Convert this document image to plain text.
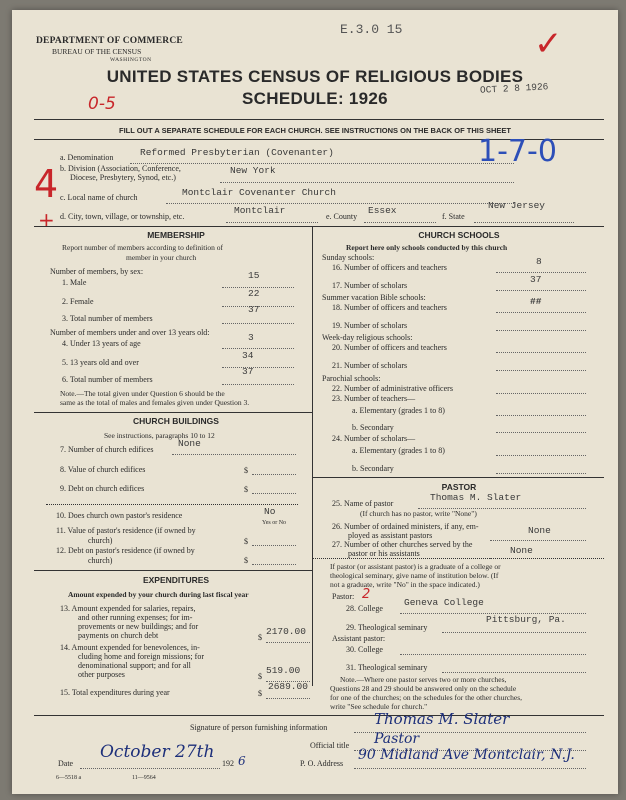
DEPARTMENT OF COMMERCE
BUREAU OF THE CENSUS
WASHINGTON
E.3.0 15	✓
UNITED STATES CENSUS OF RELIGIOUS BODIES
SCHEDULE: 1926
OCT 2 8 1926
0-5
FILL OUT A SEPARATE SCHEDULE FOR EACH CHURCH. SEE INSTRUCTIONS ON THE BACK OF THIS SHEET
1-7-0
4
+
a. Denomination	Reformed Presbyterian (Covenanter)
b. Division (Association, Conference,
Diocese, Presbytery, Synod, etc.)
New York
c. Local name of church	Montclair Covenanter Church
d. City, town, village, or township, etc.
Montclair
e. County
Essex
f. State
New Jersey
MEMBERSHIP
Report number of members according to definition of
member in your church
Number of members, by sex:
1. Male
15
2. Female
22
3. Total number of members
37
Number of members under and over 13 years old:
4. Under 13 years of age
3
5. 13 years old and over
34
6. Total number of members
37
Note.—The total given under Question 6 should be the
same as the total of males and females given under Question 3.
CHURCH BUILDINGS
See instructions, paragraphs 10 to 12
7. Number of church edifices
None
8. Value of church edifices	$
9. Debt on church edifices	$
10. Does church own pastor's residence	No
Yes or No
11. Value of pastor's residence (if owned by
church)	$
12. Debt on pastor's residence (if owned by
church)	$
EXPENDITURES
Amount expended by your church during last fiscal year
13. Amount expended for salaries, repairs,
and other running expenses; for im-
provements or new buildings; and for
payments on church debt	$
2170.00
14. Amount expended for benevolences, in-
cluding home and foreign missions; for
denominational support; and for all
other purposes	$
519.00
15. Total expenditures during year	$
2689.00
CHURCH SCHOOLS
Report here only schools conducted by this church
Sunday schools:
16. Number of officers and teachers
8
17. Number of scholars
37
Summer vacation Bible schools:
18. Number of officers and teachers
##
19. Number of scholars
Week-day religious schools:
20. Number of officers and teachers
21. Number of scholars
Parochial schools:
22. Number of administrative officers
23. Number of teachers—
a. Elementary (grades 1 to 8)
b. Secondary
24. Number of scholars—
a. Elementary (grades 1 to 8)
b. Secondary
PASTOR
25. Name of pastor
Thomas M. Slater
(If church has no pastor, write "None")
26. Number of ordained ministers, if any, em-
ployed as assistant pastors	None
27. Number of other churches served by the
pastor or his assistants	None
If pastor (or assistant pastor) is a graduate of a college or
theological seminary, give name of institution below. (If
not a graduate, write "No" in the space indicated.)
Pastor: 2
28. College
Geneva College
29. Theological seminary
Pittsburg, Pa.
Assistant pastor:
30. College
31. Theological seminary
Note.—Where one pastor serves two or more churches,
Questions 28 and 29 should be answered only on the schedule
for one of the churches; on the schedules for the other churches,
write "See schedule for church."
Signature of person furnishing information	Thomas M. Slater
Official title Pastor
Date
October 27th
192 6	P. O. Address
90 Midland Ave Montclair, N.J.
6—5518 a	11—9564
